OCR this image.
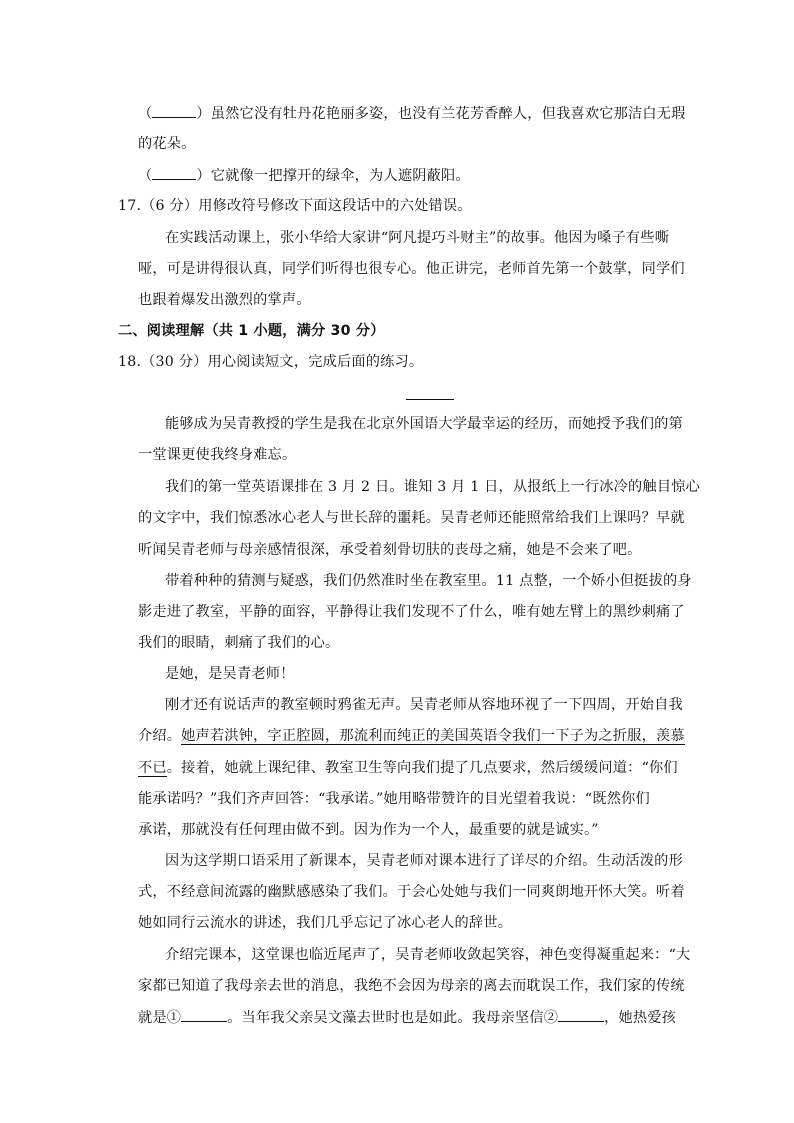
（	）虽然它没有牡丹花艳丽多姿，也没有兰花芳香醉人，但我喜欢它那洁白无瑕
的花朵。
（	）它就像一把撑开的绿伞，为人遮阴蔽阳。
17.（6 分）用修改符号修改下面这段话中的六处错误。
在实践活动课上，张小华给大家讲“阿凡提巧斗财主”的故事。他因为嗓子有些嘶
哑，可是讲得很认真，同学们听得也很专心。他正讲完，老师首先第一个鼓掌，同学们
也跟着爆发出激烈的掌声。
二、阅读理解（共 1 小题，满分 30 分）
18.（30 分）用心阅读短文，完成后面的练习。
能够成为吴青教授的学生是我在北京外国语大学最幸运的经历，而她授予我们的第
一堂课更使我终身难忘。
我们的第一堂英语课排在 3 月 2 日。谁知 3 月 1 日，从报纸上一行冰冷的触目惊心
的文字中，我们惊悉冰心老人与世长辞的噩耗。吴青老师还能照常给我们上课吗？早就
听闻吴青老师与母亲感情很深，承受着刻骨切肤的丧母之痛，她是不会来了吧。
带着种种的猜测与疑惑，我们仍然准时坐在教室里。11 点整，一个娇小但挺拔的身
影走进了教室，平静的面容，平静得让我们发现不了什么，唯有她左臂上的黑纱刺痛了
我们的眼睛，刺痛了我们的心。
是她，是吴青老师！
刚才还有说话声的教室顿时鸦雀无声。吴青老师从容地环视了一下四周，开始自我
介绍。她声若洪钟，字正腔圆，那流利而纯正的美国英语令我们一下子为之折服，羡慕
不已。接着，她就上课纪律、教室卫生等向我们提了几点要求，然后缓缓问道：“你们
能承诺吗？”我们齐声回答：“我承诺。”她用略带赞许的目光望着我说：“既然你们
承诺，那就没有任何理由做不到。因为作为一个人，最重要的就是诚实。”
因为这学期口语采用了新课本，吴青老师对课本进行了详尽的介绍。生动活泼的形
式，不经意间流露的幽默感感染了我们。于会心处她与我们一同爽朗地开怀大笑。听着
她如同行云流水的讲述，我们几乎忘记了冰心老人的辞世。
介绍完课本，这堂课也临近尾声了，吴青老师收敛起笑容，神色变得凝重起来：“大
家都已知道了我母亲去世的消息，我绝不会因为母亲的离去而耽误工作，我们家的传统
就是①	。当年我父亲吴文藻去世时也是如此。我母亲坚信②	，她热爱孩
